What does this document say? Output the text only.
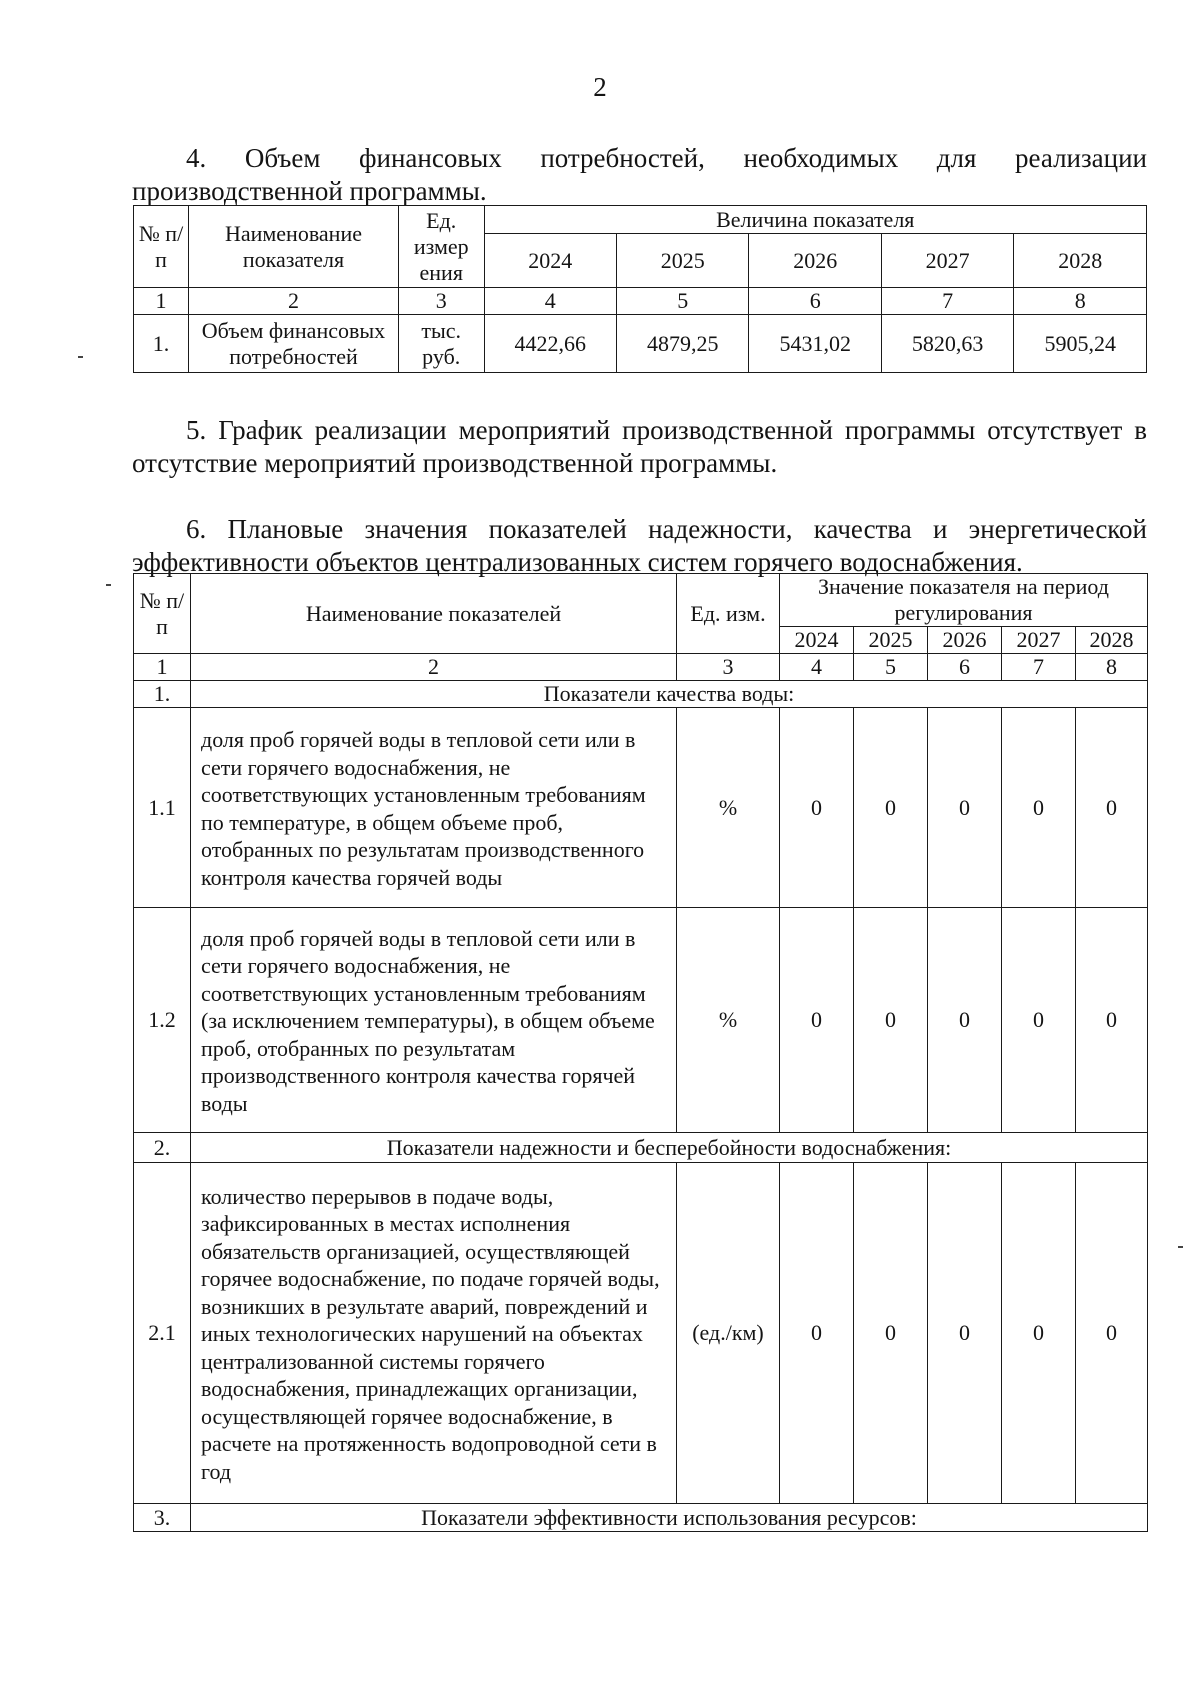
2

4. Объем финансовых потребностей, необходимых для реализации производственной программы.

№ п/п	Наименование показателя	Ед. измер ения	Величина показателя				
			2024	2025	2026	2027	2028
1	2	3	4	5	6	7	8
1.	Объем финансовых потребностей	тыс. руб.	4422,66	4879,25	5431,02	5820,63	5905,24

5. График реализации мероприятий производственной программы отсутствует в отсутствие мероприятий производственной программы.

6. Плановые значения показателей надежности, качества и энергетической эффективности объектов централизованных систем горячего водоснабжения.

№ п/п	Наименование показателей	Ед. изм.	Значение показателя на период регулирования				
			2024	2025	2026	2027	2028
1	2	3	4	5	6	7	8
1.	Показатели качества воды:						
1.1	доля проб горячей воды в тепловой сети или в сети горячего водоснабжения, не соответствующих установленным требованиям по температуре, в общем объеме проб, отобранных по результатам производственного контроля качества горячей воды	%	0	0	0	0	0
1.2	доля проб горячей воды в тепловой сети или в сети горячего водоснабжения, не соответствующих установленным требованиям (за исключением температуры), в общем объеме проб, отобранных по результатам производственного контроля качества горячей воды	%	0	0	0	0	0
2.	Показатели надежности и бесперебойности водоснабжения:						
2.1	количество перерывов в подаче воды, зафиксированных в местах исполнения обязательств организацией, осуществляющей горячее водоснабжение, по подаче горячей воды, возникших в результате аварий, повреждений и иных технологических нарушений на объектах централизованной системы горячего водоснабжения, принадлежащих организации, осуществляющей горячее водоснабжение, в расчете на протяженность водопроводной сети в год	(ед./км)	0	0	0	0	0
3.	Показатели эффективности использования ресурсов:						
